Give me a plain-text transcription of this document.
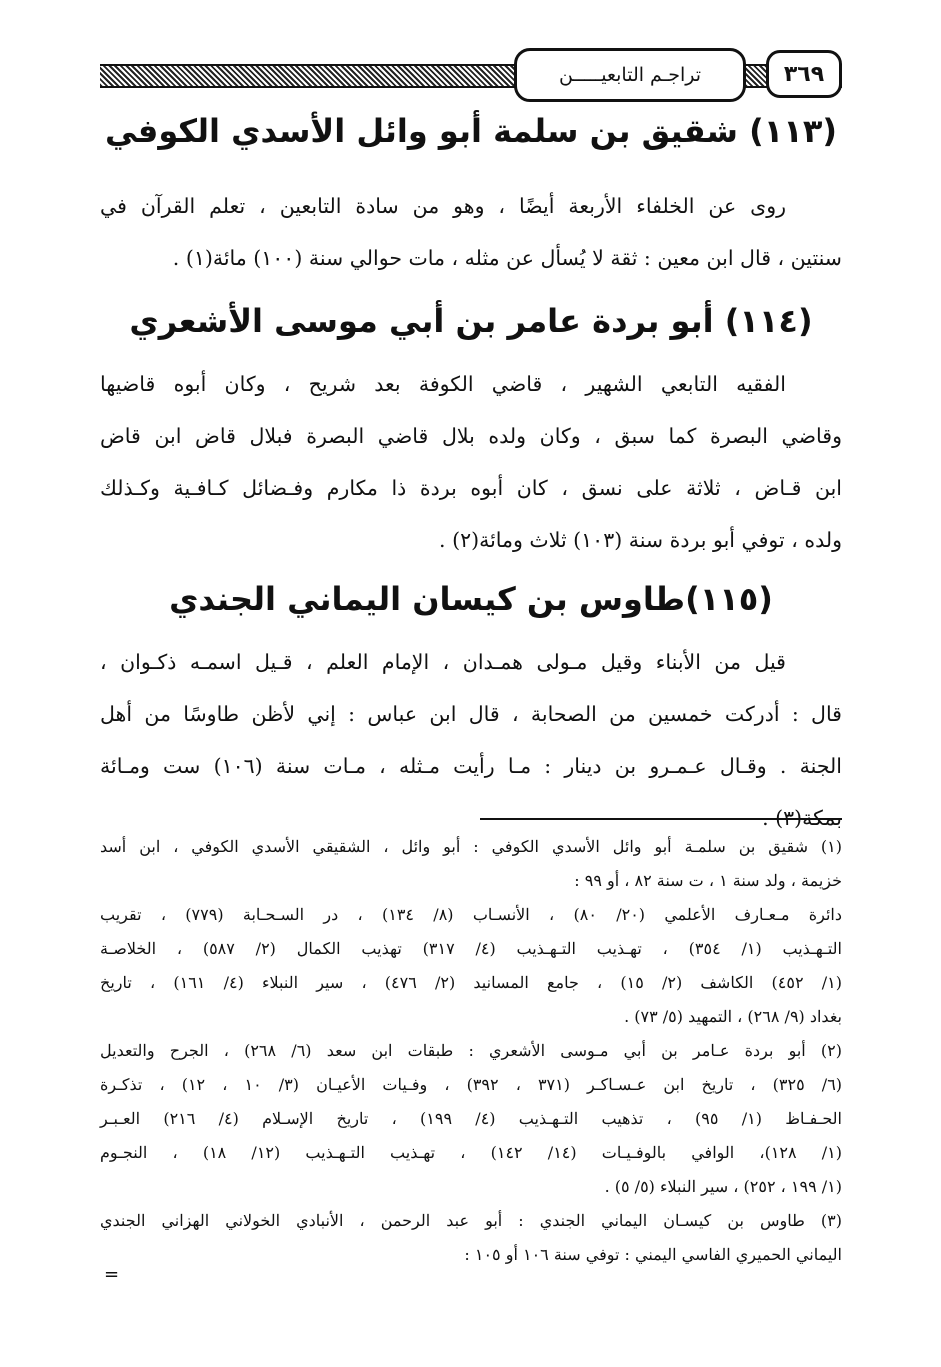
تراجـم التابعيـــــن	٣٦٩
(١١٣) شقيق بن سلمة أبو وائل الأسدي الكوفي
روى عن الخلفاء الأربعة أيضًا ، وهو من سادة التابعين ، تعلم القرآن في
سنتين ، قال ابن معين : ثقة لا يُسأل عن مثله ، مات حوالي سنة (١٠٠) مائة(١) .
(١١٤) أبو بردة عامر بن أبي موسى الأشعري
الفقيه التابعي الشهير ، قاضي الكوفة بعد شريح ، وكان أبوه قاضيها
وقاضي البصرة كما سبق ، وكان ولده بلال قاضي البصرة فبلال قاض ابن قاض
ابن قـاض ، ثلاثة على نسق ، كان أبوه بردة ذا مكارم وفـضائل كـافـية وكـذلك
ولده ، توفي أبو بردة سنة (١٠٣) ثلاث ومائة(٢) .
(١١٥)طاوس بن كيسان اليماني الجندي
قيل من الأبناء وقيل مـولى همـدان ، الإمام العلم ، قـيل اسمـه ذكـوان ،
قال : أدركت خمسين من الصحابة ، قال ابن عباس : إني لأظن طاوسًا من أهل
الجنة . وقـال عـمـرو بن دينار : مـا رأيت مـثله ، مـات سنة (١٠٦) ست ومـائة
بمكة(٣) .
(١) شقيق بن سلمـة أبو وائل الأسدي الكوفي : أبو وائل ، الشقيقي الأسدي الكوفي ، ابن أسد
خزيمة ، ولد سنة ١ ، ت سنة ٨٢ ، أو ٩٩ :
دائرة مـعـارف الأعلمي (٢٠/ ٨٠) ، الأنسـاب (٨/ ١٣٤) ، در السـحـابة (٧٧٩) ، تقريب
التـهـذيب (١/ ٣٥٤) ، تهـذيب التـهـذيب (٤/ ٣١٧) تهذيب الكمال (٢/ ٥٨٧) ، الخلاصـة
(١/ ٤٥٢) الكاشف (٢/ ١٥) ، جامع المسانيد (٢/ ٤٧٦) ، سير النبلاء (٤/ ١٦١) ، تاريخ
بغداد (٩/ ٢٦٨) ، التمهيد (٥/ ٧٣) .
(٢) أبو بردة عـامر بن أبي مـوسى الأشعري : طبقات ابن سعد (٦/ ٢٦٨) ، الجرح والتعديل
(٦/ ٣٢٥) ، تاريخ ابن عـسـاكـر (٣٧١ ، ٣٩٢) ، وفـيات الأعيـان (٣/ ١٠ ، ١٢) ، تذكـرة
الحـفـاظ (١/ ٩٥) ، تذهيب التـهـذيب (٤/ ١٩٩) ، تاريخ الإسـلام (٤/ ٢١٦) العـبـر
(١/ ١٢٨)، الوافي بالوفـيـات (١٤/ ١٤٢) ، تهـذيب التـهـذيب (١٢/ ١٨) ، النجـوم
(١/ ١٩٩ ، ٢٥٢) ، سير النبلاء (٥/ ٥) .
(٣) طاوس بن كيسـان اليماني الجندي : أبو عبد الرحمن ، الأنبادي الخولاني الهزاني الجندي
اليماني الحميري الفاسي اليمني : توفي سنة ١٠٦ أو ١٠٥ :
=
